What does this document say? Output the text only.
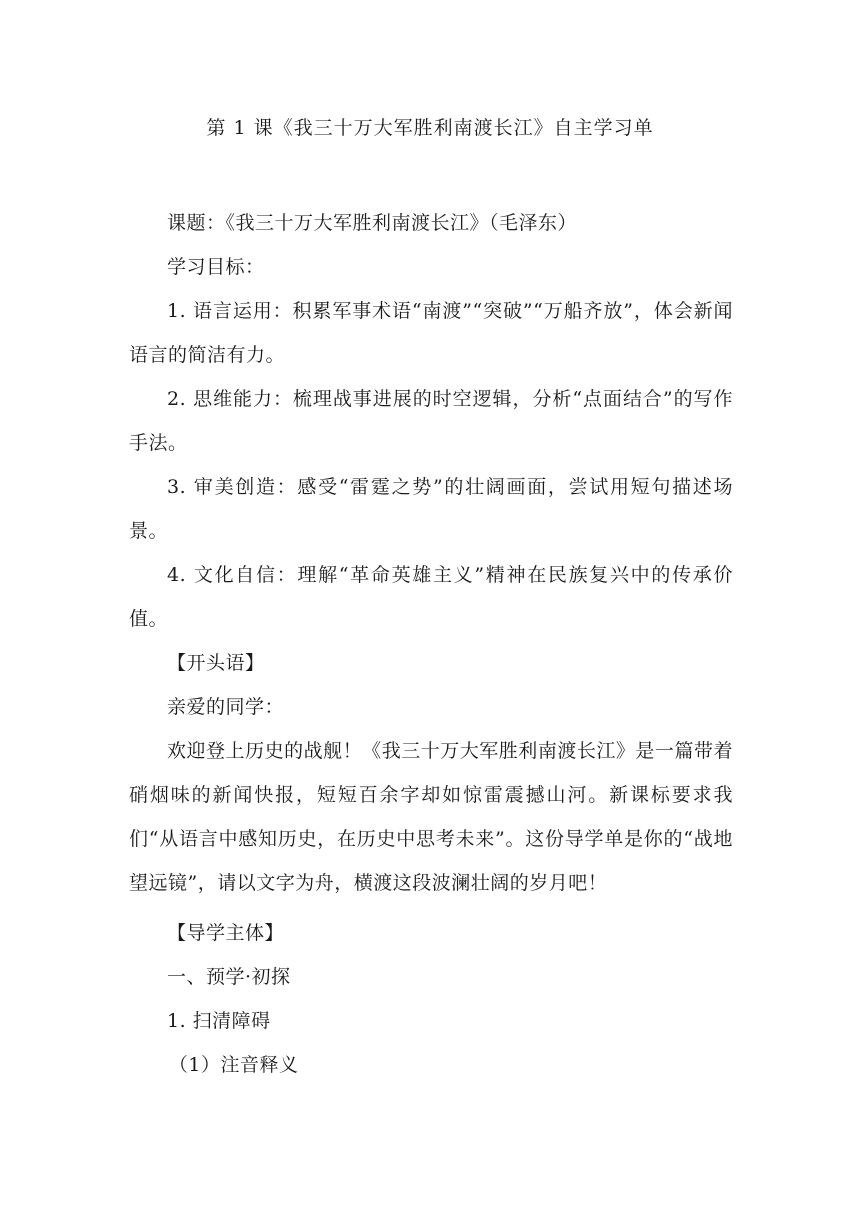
第 1 课《我三十万大军胜利南渡长江》自主学习单

课题：《我三十万大军胜利南渡长江》（毛泽东）

学习目标：

1. 语言运用：积累军事术语“南渡”“突破”“万船齐放”，体会新闻语言的简洁有力。

2. 思维能力：梳理战事进展的时空逻辑，分析“点面结合”的写作手法。

3. 审美创造：感受“雷霆之势”的壮阔画面，尝试用短句描述场景。

4. 文化自信：理解“革命英雄主义”精神在民族复兴中的传承价值。

【开头语】

亲爱的同学：

欢迎登上历史的战舰！《我三十万大军胜利南渡长江》是一篇带着硝烟味的新闻快报，短短百余字却如惊雷震撼山河。新课标要求我们“从语言中感知历史，在历史中思考未来”。这份导学单是你的“战地望远镜”，请以文字为舟，横渡这段波澜壮阔的岁月吧！

【导学主体】

一、预学·初探

1. 扫清障碍

（1）注音释义
